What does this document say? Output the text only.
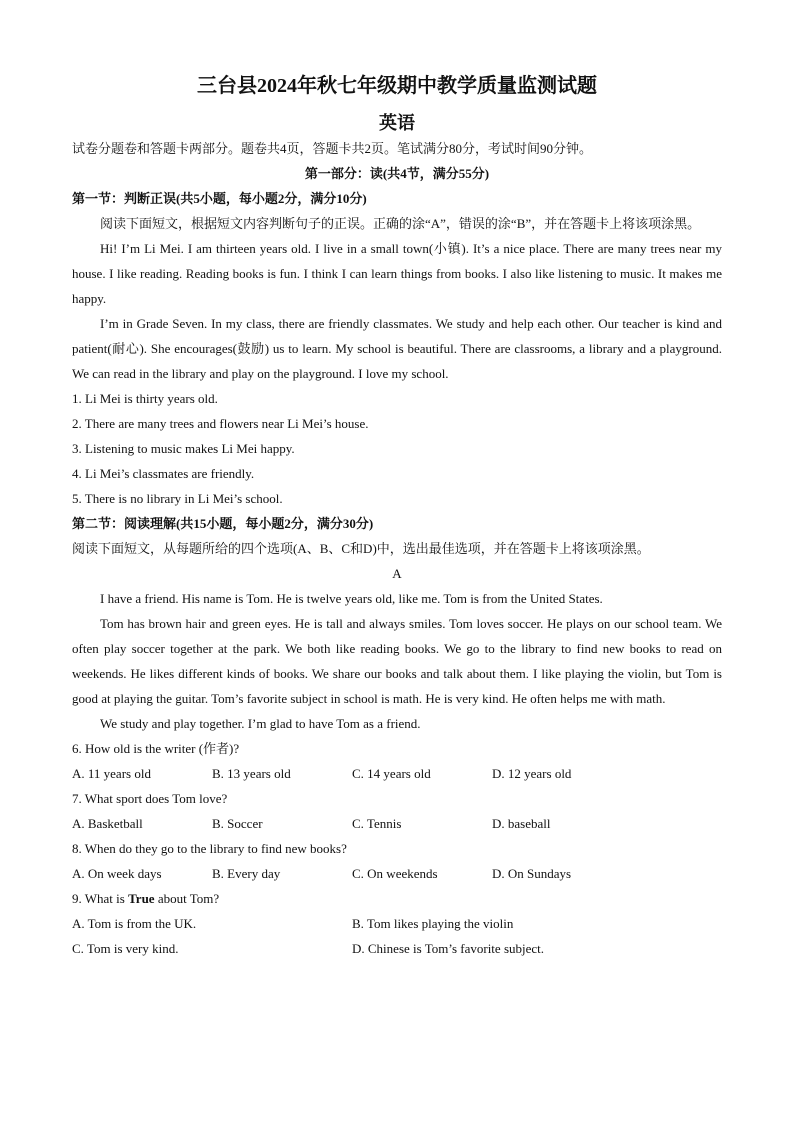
三台县2024年秋七年级期中教学质量监测试题
英语
试卷分题卷和答题卡两部分。题卷共4页，答题卡共2页。笔试满分80分，考试时间90分钟。
第一部分：读(共4节，满分55分)
第一节：判断正误(共5小题，每小题2分，满分10分)
阅读下面短文，根据短文内容判断句子的正误。正确的涂“A”，错误的涂“B”，并在答题卡上将该项涂黑。
Hi! I’m Li Mei. I am thirteen years old. I live in a small town(小镇). It’s a nice place. There are many trees near my house. I like reading. Reading books is fun. I think I can learn things from books. I also like listening to music. It makes me happy.
I’m in Grade Seven. In my class, there are friendly classmates. We study and help each other. Our teacher is kind and patient(耐心). She encourages(鼓励) us to learn. My school is beautiful. There are classrooms, a library and a playground. We can read in the library and play on the playground. I love my school.
1. Li Mei is thirty years old.
2. There are many trees and flowers near Li Mei’s house.
3. Listening to music makes Li Mei happy.
4. Li Mei’s classmates are friendly.
5. There is no library in Li Mei’s school.
第二节：阅读理解(共15小题，每小题2分，满分30分)
阅读下面短文，从每题所给的四个选项(A、B、C和D)中，选出最佳选项，并在答题卡上将该项涂黑。
A
I have a friend. His name is Tom. He is twelve years old, like me. Tom is from the United States.
Tom has brown hair and green eyes. He is tall and always smiles. Tom loves soccer. He plays on our school team. We often play soccer together at the park. We both like reading books. We go to the library to find new books to read on weekends. He likes different kinds of books. We share our books and talk about them. I like playing the violin, but Tom is good at playing the guitar. Tom’s favorite subject in school is math. He is very kind. He often helps me with math.
We study and play together. I’m glad to have Tom as a friend.
6. How old is the writer (作者)?
A. 11 years old	B. 13 years old	C. 14 years old	D. 12 years old
7. What sport does Tom love?
A. Basketball	B. Soccer	C. Tennis	D. baseball
8. When do they go to the library to find new books?
A. On week days	B. Every day	C. On weekends	D. On Sundays
9. What is True about Tom?
A. Tom is from the UK.	B. Tom likes playing the violin
C. Tom is very kind.	D. Chinese is Tom’s favorite subject.
